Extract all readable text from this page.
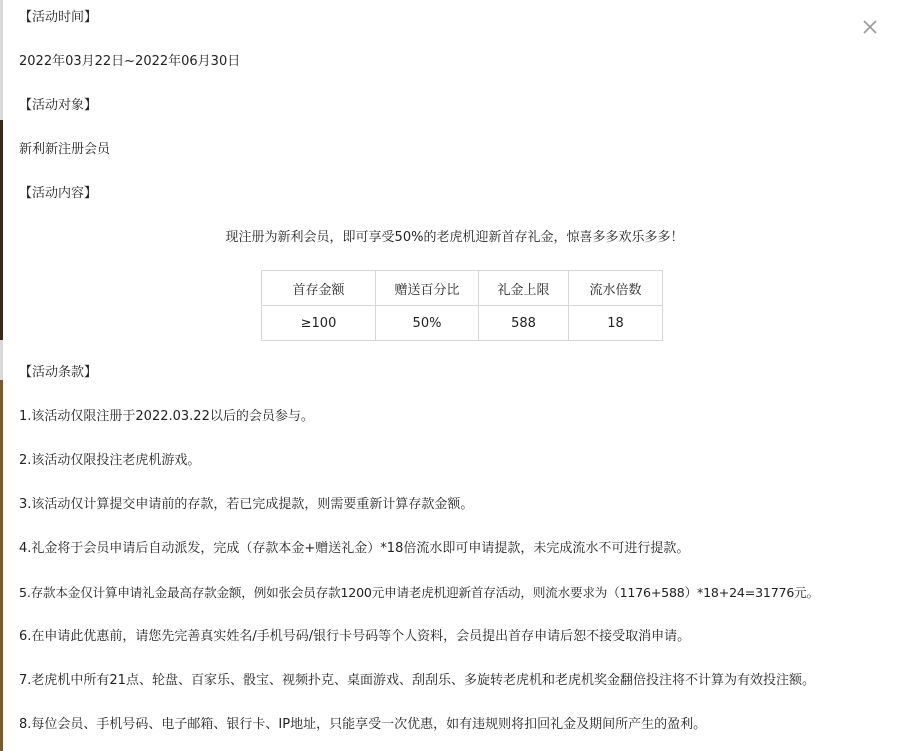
【活动时间】
2022年03月22日~2022年06月30日
【活动对象】
新利新注册会员
【活动内容】
现注册为新利会员，即可享受50%的老虎机迎新首存礼金，惊喜多多欢乐多多！
首存金额	赠送百分比	礼金上限	流水倍数
≥100	50%	588	18
【活动条款】
1.该活动仅限注册于2022.03.22以后的会员参与。
2.该活动仅限投注老虎机游戏。
3.该活动仅计算提交申请前的存款，若已完成提款，则需要重新计算存款金额。
4.礼金将于会员申请后自动派发，完成（存款本金+赠送礼金）*18倍流水即可申请提款，未完成流水不可进行提款。
5.存款本金仅计算申请礼金最高存款金额，例如张会员存款1200元申请老虎机迎新首存活动，则流水要求为（1176+588）*18+24=31776元。
6.在申请此优惠前，请您先完善真实姓名/手机号码/银行卡号码等个人资料，会员提出首存申请后恕不接受取消申请。
7.老虎机中所有21点、轮盘、百家乐、骰宝、视频扑克、桌面游戏、刮刮乐、多旋转老虎机和老虎机奖金翻倍投注将不计算为有效投注额。
8.每位会员、手机号码、电子邮箱、银行卡、IP地址，只能享受一次优惠，如有违规则将扣回礼金及期间所产生的盈利。
